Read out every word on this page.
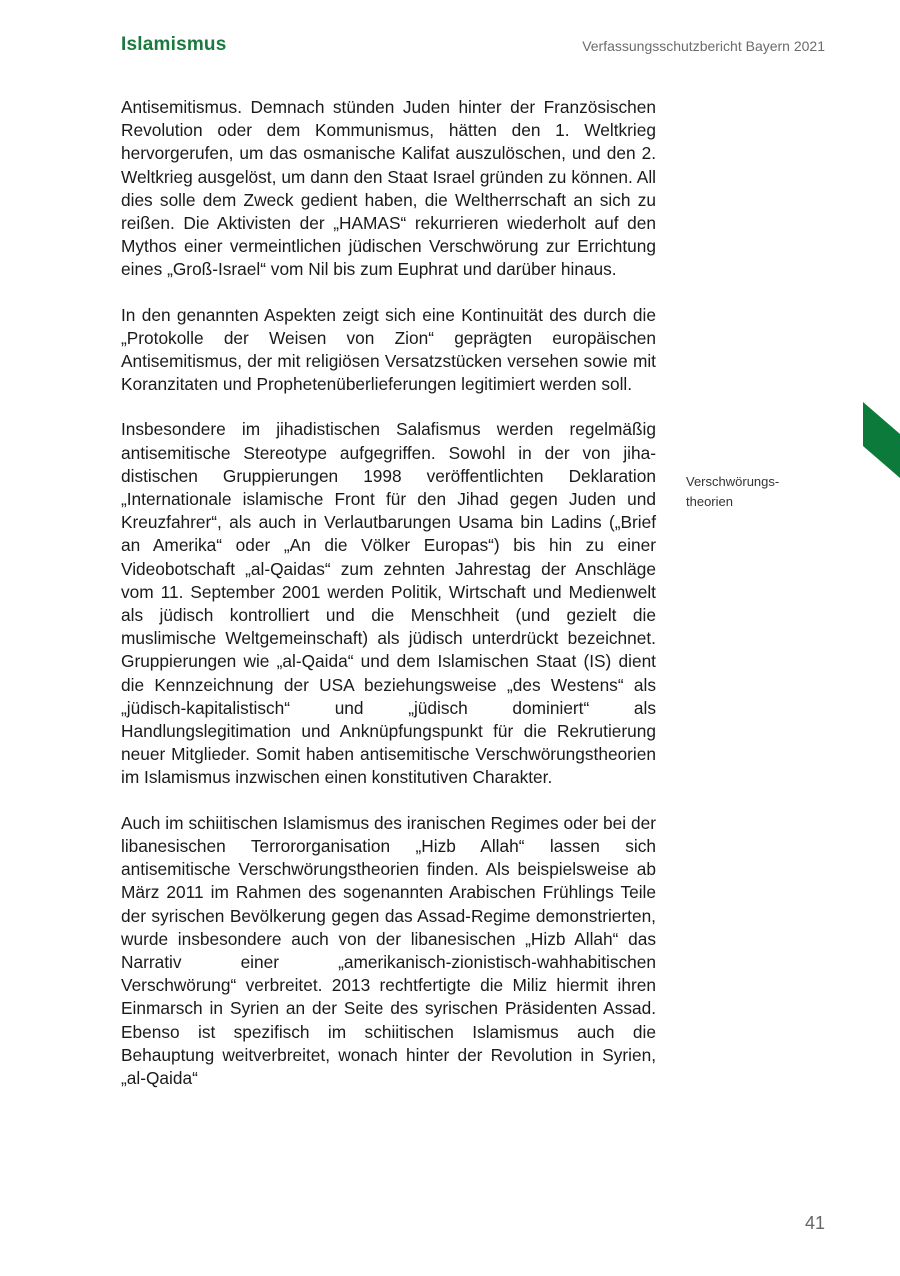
Islamismus	Verfassungsschutzbericht Bayern 2021

Antisemitismus. Demnach stünden Juden hinter der Französischen Revolution oder dem Kommunismus, hätten den 1. Weltkrieg hervorgerufen, um das osmanische Kalifat auszulöschen, und den 2. Weltkrieg ausgelöst, um dann den Staat Israel gründen zu können. All dies solle dem Zweck gedient haben, die Weltherrschaft an sich zu reißen. Die Aktivisten der „HAMAS“ rekurrieren wiederholt auf den Mythos einer vermeintlichen jüdischen Verschwörung zur Errichtung eines „Groß-Israel“ vom Nil bis zum Euphrat und darüber hinaus.

In den genannten Aspekten zeigt sich eine Kontinuität des durch die „Protokolle der Weisen von Zion“ geprägten europäischen Antisemitismus, der mit religiösen Versatzstücken versehen sowie mit Koranzitaten und Prophetenüberlieferungen legitimiert werden soll.

Insbesondere im jihadistischen Salafismus werden regelmäßig antisemitische Stereotype aufgegriffen. Sowohl in der von jihadistischen Gruppierungen 1998 veröffentlichten Deklaration „Internationale islamische Front für den Jihad gegen Juden und Kreuzfahrer“, als auch in Verlautbarungen Usama bin Ladins („Brief an Amerika“ oder „An die Völker Europas“) bis hin zu einer Videobotschaft „al-Qaidas“ zum zehnten Jahrestag der Anschläge vom 11. September 2001 werden Politik, Wirtschaft und Medienwelt als jüdisch kontrolliert und die Menschheit (und gezielt die muslimische Weltgemeinschaft) als jüdisch unterdrückt bezeichnet. Gruppierungen wie „al-Qaida“ und dem Islamischen Staat (IS) dient die Kennzeichnung der USA beziehungsweise „des Westens“ als „jüdisch-kapitalistisch“ und „jüdisch dominiert“ als Handlungslegitimation und Anknüpfungspunkt für die Rekrutierung neuer Mitglieder. Somit haben antisemitische Verschwörungstheorien im Islamismus inzwischen einen konstitutiven Charakter.

Auch im schiitischen Islamismus des iranischen Regimes oder bei der libanesischen Terrororganisation „Hizb Allah“ lassen sich antisemitische Verschwörungstheorien finden. Als beispielsweise ab März 2011 im Rahmen des sogenannten Arabischen Frühlings Teile der syrischen Bevölkerung gegen das Assad-Regime demonstrierten, wurde insbesondere auch von der libanesischen „Hizb Allah“ das Narrativ einer „amerikanisch-zionistisch-wahhabitischen Verschwörung“ verbreitet. 2013 rechtfertigte die Miliz hiermit ihren Einmarsch in Syrien an der Seite des syrischen Präsidenten Assad. Ebenso ist spezifisch im schiitischen Islamismus auch die Behauptung weitverbreitet, wonach hinter der Revolution in Syrien, „al-Qaida“

Verschwörungs-
theorien
41
